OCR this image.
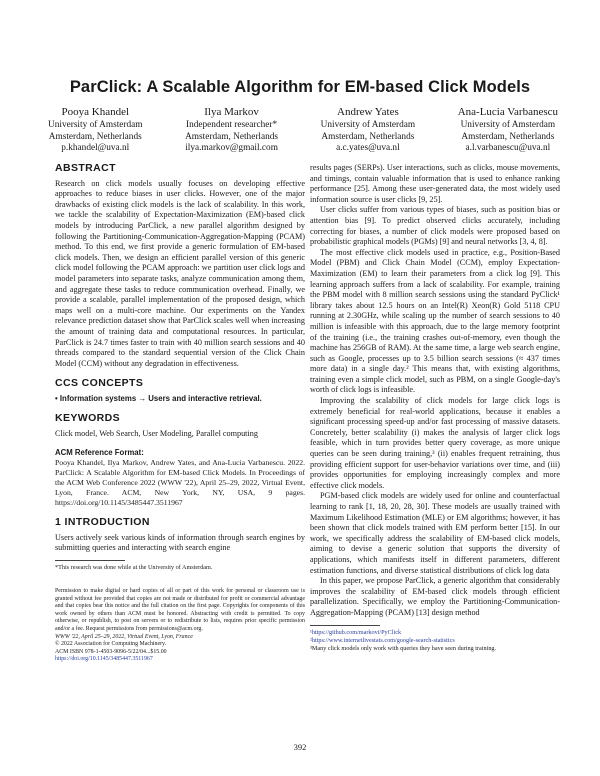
ParClick: A Scalable Algorithm for EM-based Click Models
Pooya Khandel
University of Amsterdam
Amsterdam, Netherlands
p.khandel@uva.nl
Ilya Markov
Independent researcher*
Amsterdam, Netherlands
ilya.markov@gmail.com
Andrew Yates
University of Amsterdam
Amsterdam, Netherlands
a.c.yates@uva.nl
Ana-Lucia Varbanescu
University of Amsterdam
Amsterdam, Netherlands
a.l.varbanescu@uva.nl
ABSTRACT

Research on click models usually focuses on developing effective approaches to reduce biases in user clicks. However, one of the major drawbacks of existing click models is the lack of scalability. In this work, we tackle the scalability of Expectation-Maximization (EM)-based click models by introducing ParClick, a new parallel algorithm designed by following the Partitioning-Communication-Aggregation-Mapping (PCAM) method. To this end, we first provide a generic formulation of EM-based click models. Then, we design an efficient parallel version of this generic click model following the PCAM approach: we partition user click logs and model parameters into separate tasks, analyze communication among them, and aggregate these tasks to reduce communication overhead. Finally, we provide a scalable, parallel implementation of the proposed design, which maps well on a multi-core machine. Our experiments on the Yandex relevance prediction dataset show that ParClick scales well when increasing the amount of training data and computational resources. In particular, ParClick is 24.7 times faster to train with 40 million search sessions and 40 threads compared to the standard sequential version of the Click Chain Model (CCM) without any degradation in effectiveness.

CCS CONCEPTS

• Information systems → Users and interactive retrieval.

KEYWORDS

Click model, Web Search, User Modeling, Parallel computing

ACM Reference Format:

Pooya Khandel, Ilya Markov, Andrew Yates, and Ana-Lucia Varbanescu. 2022. ParClick: A Scalable Algorithm for EM-based Click Models. In Proceedings of the ACM Web Conference 2022 (WWW '22), April 25–29, 2022, Virtual Event, Lyon, France. ACM, New York, NY, USA, 9 pages. https://doi.org/10.1145/3485447.3511967

1 INTRODUCTION

Users actively seek various kinds of information through search engines by submitting queries and interacting with search engine

*This research was done while at the University of Amsterdam.

Permission to make digital or hard copies of all or part of this work for personal or classroom use is granted without fee provided that copies are not made or distributed for profit or commercial advantage and that copies bear this notice and the full citation on the first page. Copyrights for components of this work owned by others than ACM must be honored. Abstracting with credit is permitted. To copy otherwise, or republish, to post on servers or to redistribute to lists, requires prior specific permission and/or a fee. Request permissions from permissions@acm.org.

WWW '22, April 25–29, 2022, Virtual Event, Lyon, France

© 2022 Association for Computing Machinery.

ACM ISBN 978-1-4503-9096-5/22/04...$15.00

https://doi.org/10.1145/3485447.3511967

results pages (SERPs). User interactions, such as clicks, mouse movements, and timings, contain valuable information that is used to enhance ranking performance [25]. Among these user-generated data, the most widely used information source is user clicks [9, 25].

User clicks suffer from various types of biases, such as position bias or attention bias [9]. To predict observed clicks accurately, including correcting for biases, a number of click models were proposed based on probabilistic graphical models (PGMs) [9] and neural networks [3, 4, 8].

The most effective click models used in practice, e.g., Position-Based Model (PBM) and Click Chain Model (CCM), employ Expectation-Maximization (EM) to learn their parameters from a click log [9]. This learning approach suffers from a lack of scalability. For example, training the PBM model with 8 million search sessions using the standard PyClick¹ library takes about 12.5 hours on an Intel(R) Xeon(R) Gold 5118 CPU running at 2.30GHz, while scaling up the number of search sessions to 40 million is infeasible with this approach, due to the large memory footprint of the training (i.e., the training crashes out-of-memory, even though the machine has 256GB of RAM). At the same time, a large web search engine, such as Google, processes up to 3.5 billion search sessions (≈ 437 times more data) in a single day.² This means that, with existing algorithms, training even a simple click model, such as PBM, on a single Google-day's worth of click logs is infeasible.

Improving the scalability of click models for large click logs is extremely beneficial for real-world applications, because it enables a significant processing speed-up and/or fast processing of massive datasets. Concretely, better scalability (i) makes the analysis of larger click logs feasible, which in turn provides better query coverage, as more unique queries can be seen during training,³ (ii) enables frequent retraining, thus providing efficient support for user-behavior variations over time, and (iii) provides opportunities for employing increasingly complex and more effective click models.

PGM-based click models are widely used for online and counterfactual learning to rank [1, 18, 20, 28, 30]. These models are usually trained with Maximum Likelihood Estimation (MLE) or EM algorithms; however, it has been shown that click models trained with EM perform better [15]. In our work, we specifically address the scalability of EM-based click models, aiming to devise a generic solution that supports the diversity of applications, which manifests itself in different parameters, different estimation functions, and diverse statistical distributions of click log data

In this paper, we propose ParClick, a generic algorithm that considerably improves the scalability of EM-based click models through efficient parallelization. Specifically, we employ the Partitioning-Communication-Aggregation-Mapping (PCAM) [13] design method

¹https://github.com/markovi/PyClick

²https://www.internetlivestats.com/google-search-statistics

³Many click models only work with queries they have seen during training.

392
